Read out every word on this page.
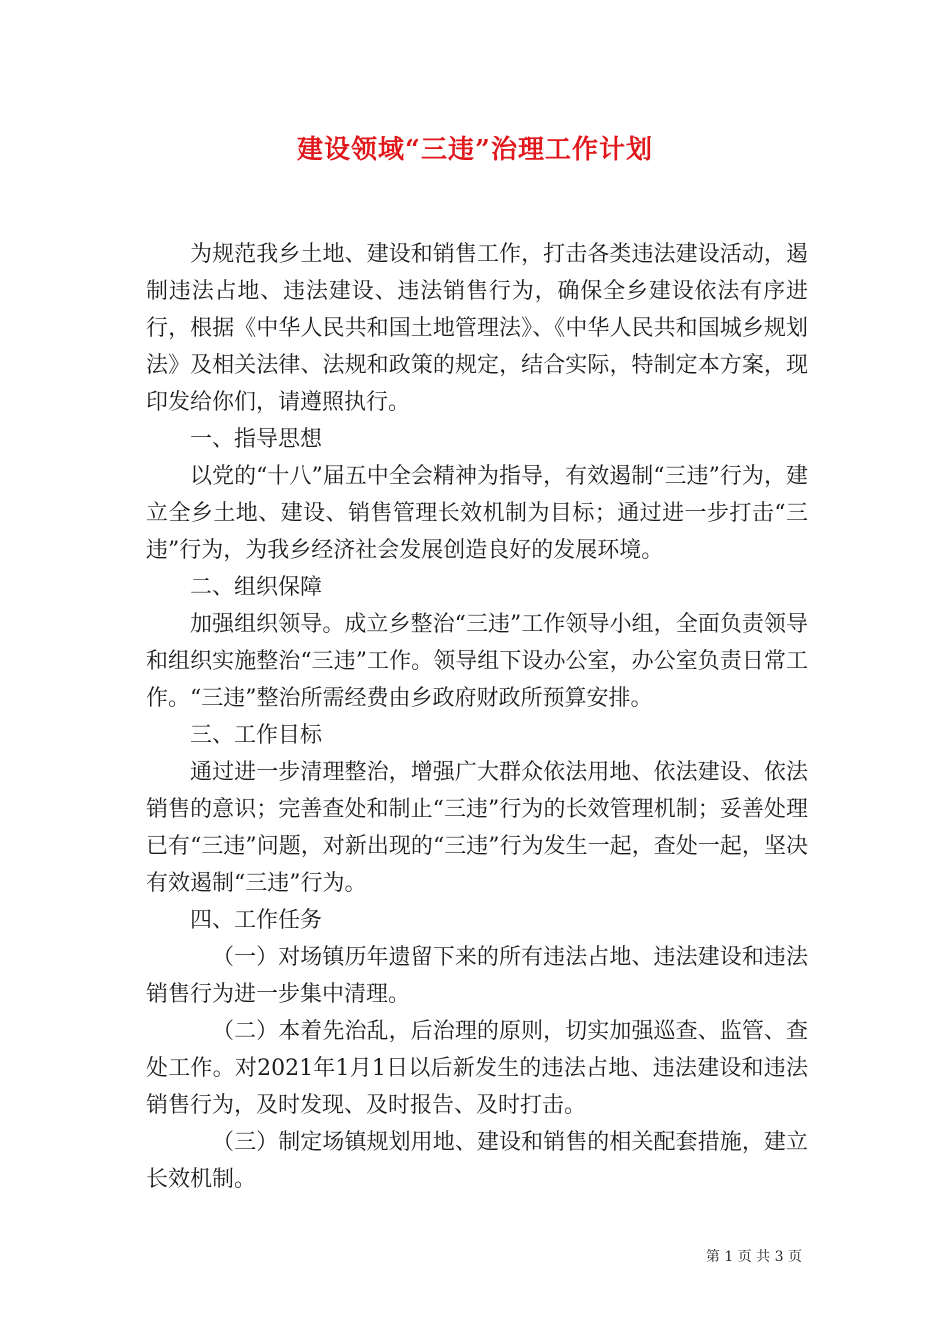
建设领域“三违”治理工作计划

为规范我乡土地、建设和销售工作，打击各类违法建设活动，遏制违法占地、违法建设、违法销售行为，确保全乡建设依法有序进行，根据《中华人民共和国土地管理法》、《中华人民共和国城乡规划法》及相关法律、法规和政策的规定，结合实际，特制定本方案，现印发给你们，请遵照执行。

一、指导思想

以党的“十八”届五中全会精神为指导，有效遏制“三违”行为，建立全乡土地、建设、销售管理长效机制为目标；通过进一步打击“三违”行为，为我乡经济社会发展创造良好的发展环境。

二、组织保障

加强组织领导。成立乡整治“三违”工作领导小组，全面负责领导和组织实施整治“三违”工作。领导组下设办公室，办公室负责日常工作。“三违”整治所需经费由乡政府财政所预算安排。

三、工作目标

通过进一步清理整治，增强广大群众依法用地、依法建设、依法销售的意识；完善查处和制止“三违”行为的长效管理机制；妥善处理已有“三违”问题，对新出现的“三违”行为发生一起，查处一起，坚决有效遏制“三违”行为。

四、工作任务

（一）对场镇历年遗留下来的所有违法占地、违法建设和违法销售行为进一步集中清理。

（二）本着先治乱，后治理的原则，切实加强巡查、监管、查处工作。对2021年1月1日以后新发生的违法占地、违法建设和违法销售行为，及时发现、及时报告、及时打击。

（三）制定场镇规划用地、建设和销售的相关配套措施，建立长效机制。

第 1 页 共 3 页
